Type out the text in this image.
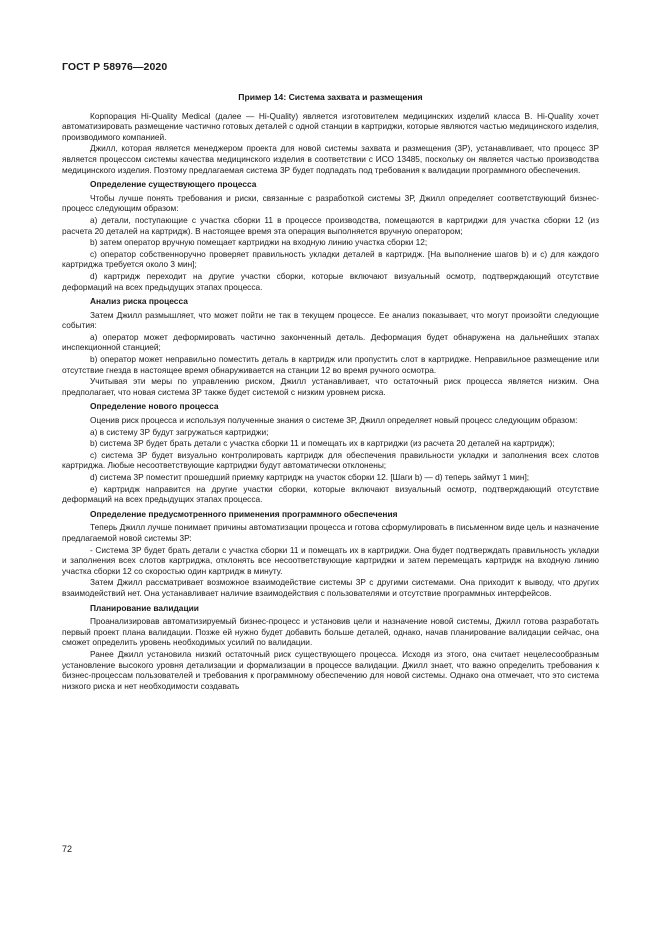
ГОСТ Р 58976—2020
Пример 14: Система захвата и размещения

Корпорация Hi-Quality Medical (далее — Hi-Quality) является изготовителем медицинских изделий класса В. Hi-Quality хочет автоматизировать размещение частично готовых деталей с одной станции в картриджи, которые являются частью медицинского изделия, производимого компанией.

Джилл, которая является менеджером проекта для новой системы захвата и размещения (3Р), устанавливает, что процесс 3Р является процессом системы качества медицинского изделия в соответствии с ИСО 13485, поскольку он является частью производства медицинского изделия. Поэтому предлагаемая система 3Р будет подпадать под требования к валидации программного обеспечения.

Определение существующего процесса

Чтобы лучше понять требования и риски, связанные с разработкой системы 3Р, Джилл определяет соответствующий бизнес-процесс следующим образом:

a) детали, поступающие с участка сборки 11 в процессе производства, помещаются в картриджи для участка сборки 12 (из расчета 20 деталей на картридж). В настоящее время эта операция выполняется вручную оператором;

b) затем оператор вручную помещает картриджи на входную линию участка сборки 12;

c) оператор собственноручно проверяет правильность укладки деталей в картридж. [На выполнение шагов b) и c) для каждого картриджа требуется около 3 мин];

d) картридж переходит на другие участки сборки, которые включают визуальный осмотр, подтверждающий отсутствие деформаций на всех предыдущих этапах процесса.

Анализ риска процесса

Затем Джилл размышляет, что может пойти не так в текущем процессе. Ее анализ показывает, что могут произойти следующие события:

a) оператор может деформировать частично законченный деталь. Деформация будет обнаружена на дальнейших этапах инспекционной станцией;

b) оператор может неправильно поместить деталь в картридж или пропустить слот в картридже. Неправильное размещение или отсутствие гнезда в настоящее время обнаруживается на станции 12 во время ручного осмотра.

Учитывая эти меры по управлению риском, Джилл устанавливает, что остаточный риск процесса является низким. Она предполагает, что новая система 3Р также будет системой с низким уровнем риска.

Определение нового процесса

Оценив риск процесса и используя полученные знания о системе 3Р, Джилл определяет новый процесс следующим образом:

a) в систему 3Р будут загружаться картриджи;

b) система 3Р будет брать детали с участка сборки 11 и помещать их в картриджи (из расчета 20 деталей на картридж);

c) система 3Р будет визуально контролировать картридж для обеспечения правильности укладки и заполнения всех слотов картриджа. Любые несоответствующие картриджи будут автоматически отклонены;

d) система 3Р поместит прошедший приемку картридж на участок сборки 12. [Шаги b) — d) теперь займут 1 мин];

e) картридж направится на другие участки сборки, которые включают визуальный осмотр, подтверждающий отсутствие деформаций на всех предыдущих этапах процесса.

Определение предусмотренного применения программного обеспечения

Теперь Джилл лучше понимает причины автоматизации процесса и готова сформулировать в письменном виде цель и назначение предлагаемой новой системы 3Р:

- Система 3Р будет брать детали с участка сборки 11 и помещать их в картриджи. Она будет подтверждать правильность укладки и заполнения всех слотов картриджа, отклонять все несоответствующие картриджи и затем перемещать картридж на входную линию участка сборки 12 со скоростью один картридж в минуту.

Затем Джилл рассматривает возможное взаимодействие системы 3Р с другими системами. Она приходит к выводу, что других взаимодействий нет. Она устанавливает наличие взаимодействия с пользователями и отсутствие программных интерфейсов.

Планирование валидации

Проанализировав автоматизируемый бизнес-процесс и установив цели и назначение новой системы, Джилл готова разработать первый проект плана валидации. Позже ей нужно будет добавить больше деталей, однако, начав планирование валидации сейчас, она сможет определить уровень необходимых усилий по валидации.

Ранее Джилл установила низкий остаточный риск существующего процесса. Исходя из этого, она считает нецелесообразным установление высокого уровня детализации и формализации в процессе валидации. Джилл знает, что важно определить требования к бизнес-процессам пользователей и требования к программному обеспечению для новой системы. Однако она отмечает, что это система низкого риска и нет необходимости создавать

72
